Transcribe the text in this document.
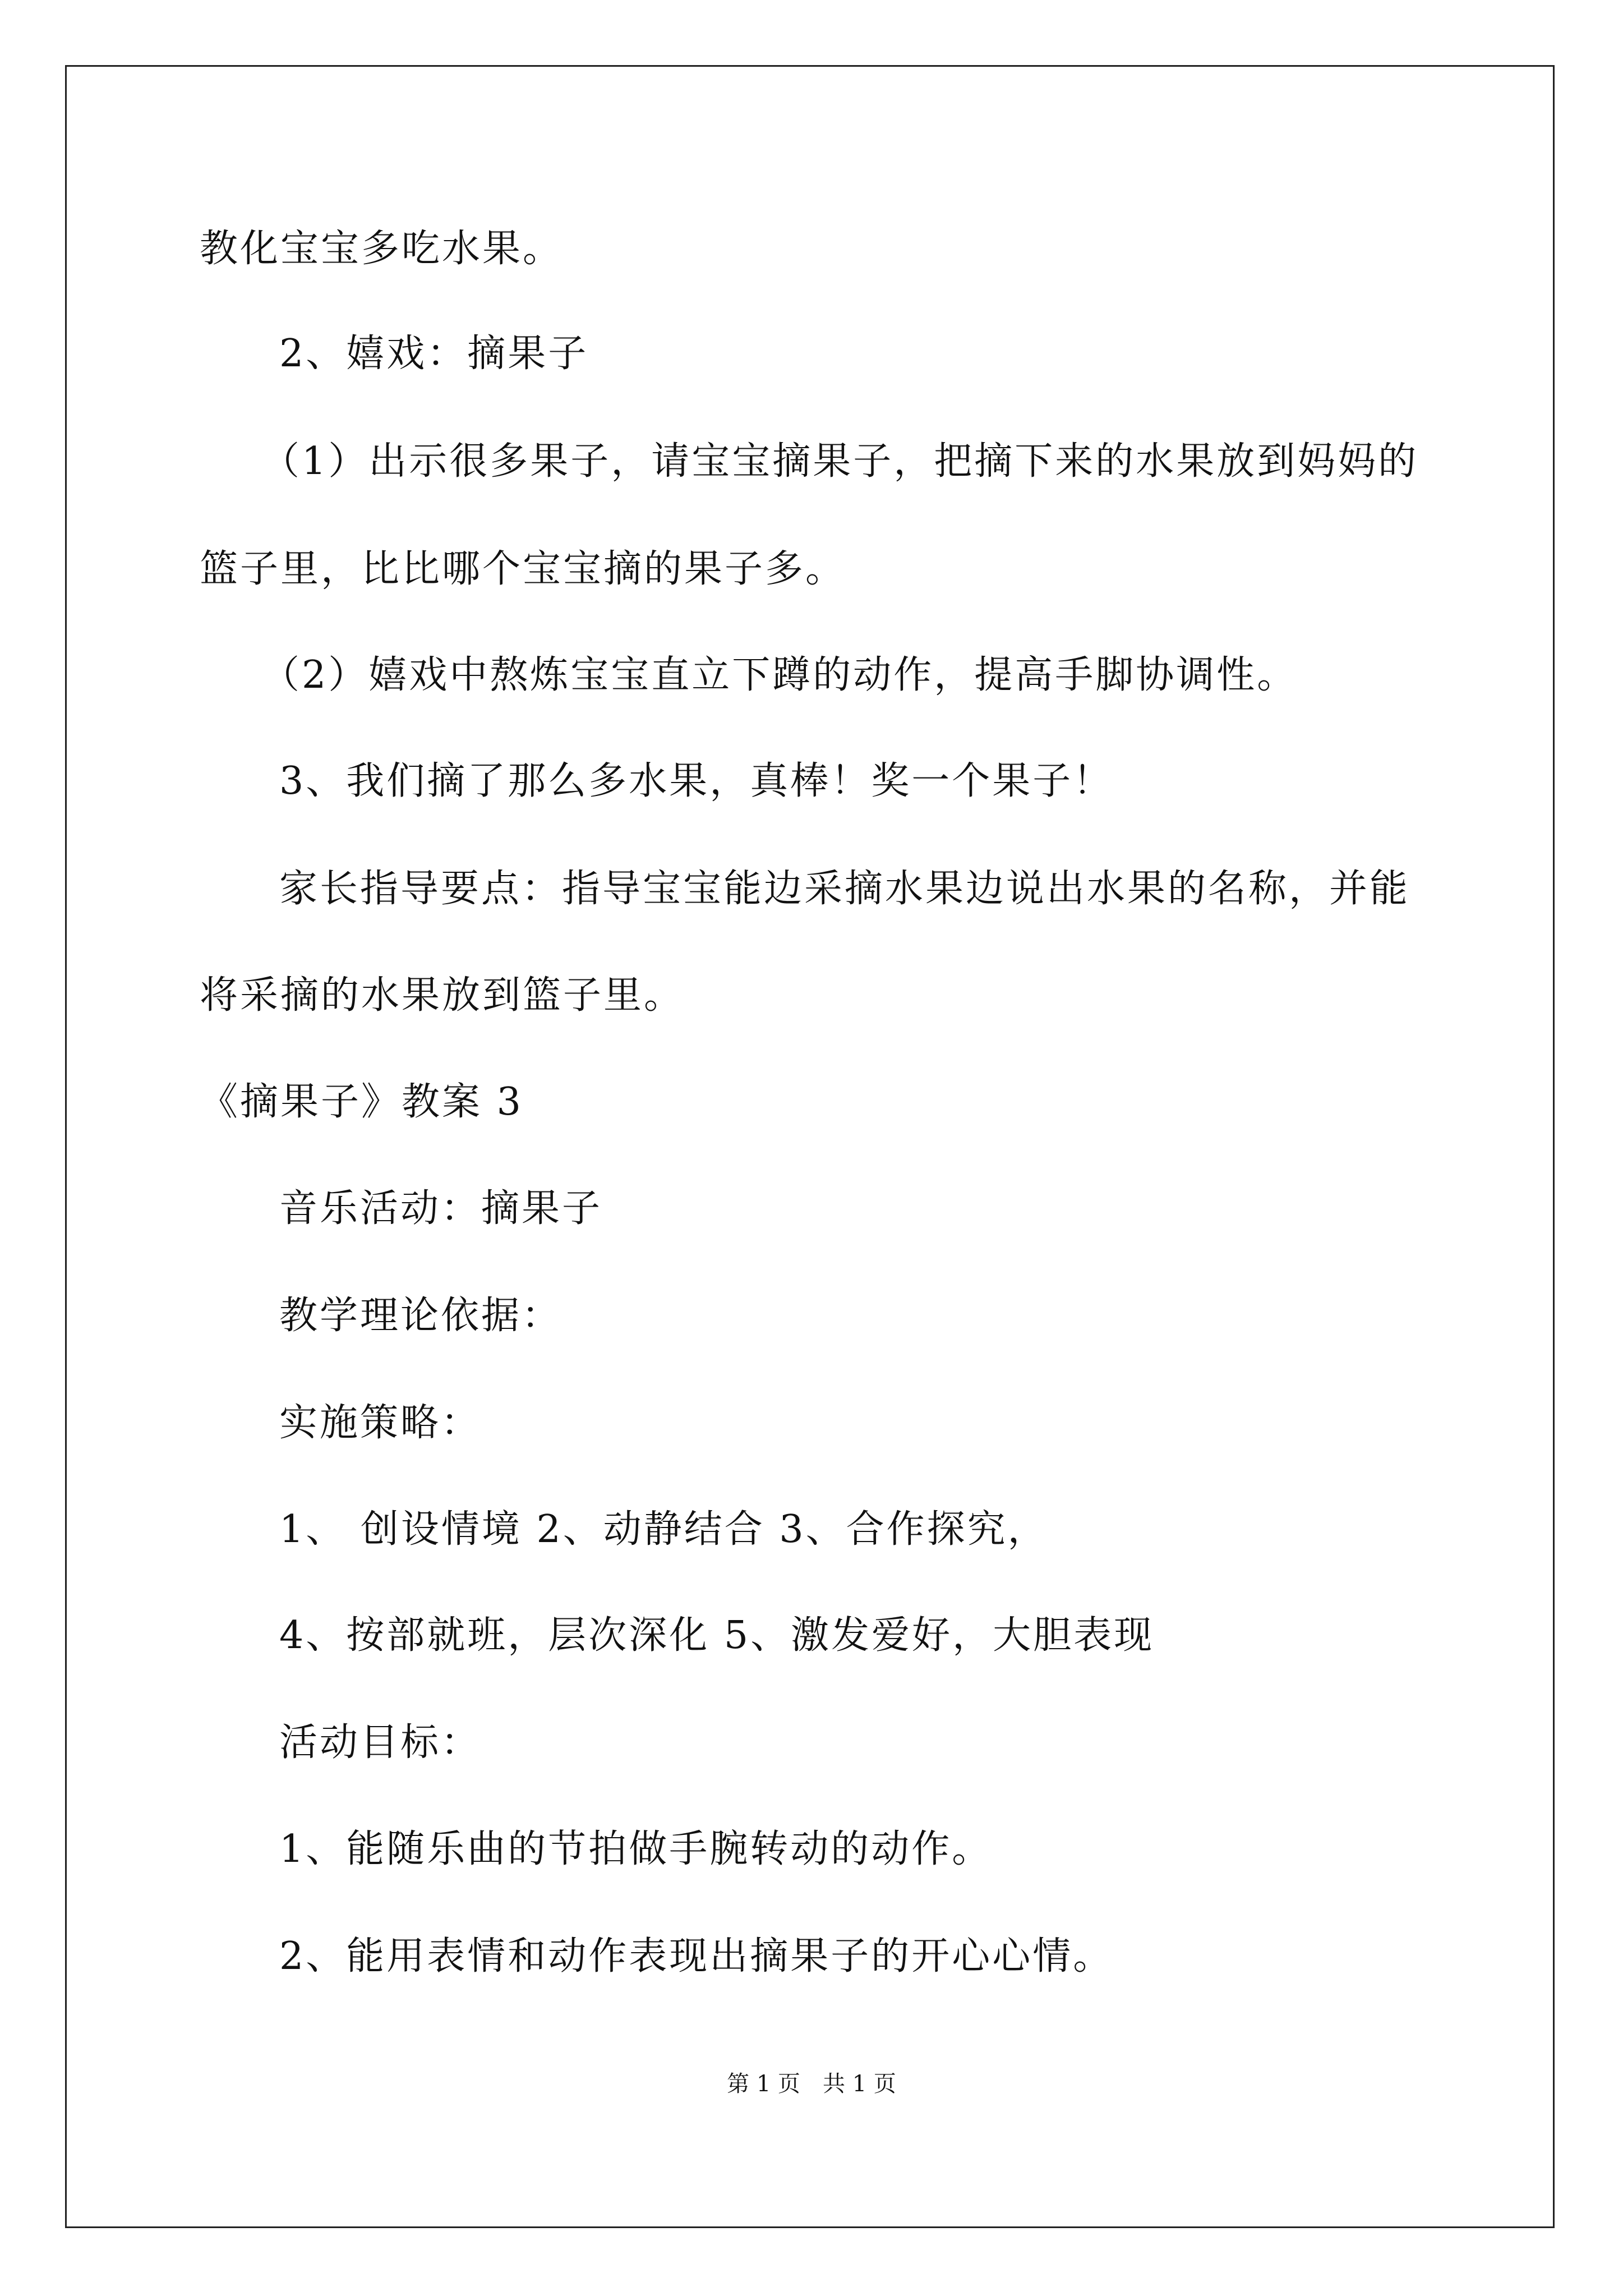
教化宝宝多吃水果。
2、嬉戏：摘果子
（1）出示很多果子，请宝宝摘果子，把摘下来的水果放到妈妈的
篮子里，比比哪个宝宝摘的果子多。
（2）嬉戏中熬炼宝宝直立下蹲的动作，提高手脚协调性。
3、我们摘了那么多水果，真棒！奖一个果子！
家长指导要点：指导宝宝能边采摘水果边说出水果的名称，并能
将采摘的水果放到篮子里。
《摘果子》教案 3
音乐活动：摘果子
教学理论依据：
实施策略：
1、 创设情境 2、动静结合 3、合作探究，
4、按部就班，层次深化 5、激发爱好，大胆表现
活动目标：
1、能随乐曲的节拍做手腕转动的动作。
2、能用表情和动作表现出摘果子的开心心情。
第 1 页　共 1 页
